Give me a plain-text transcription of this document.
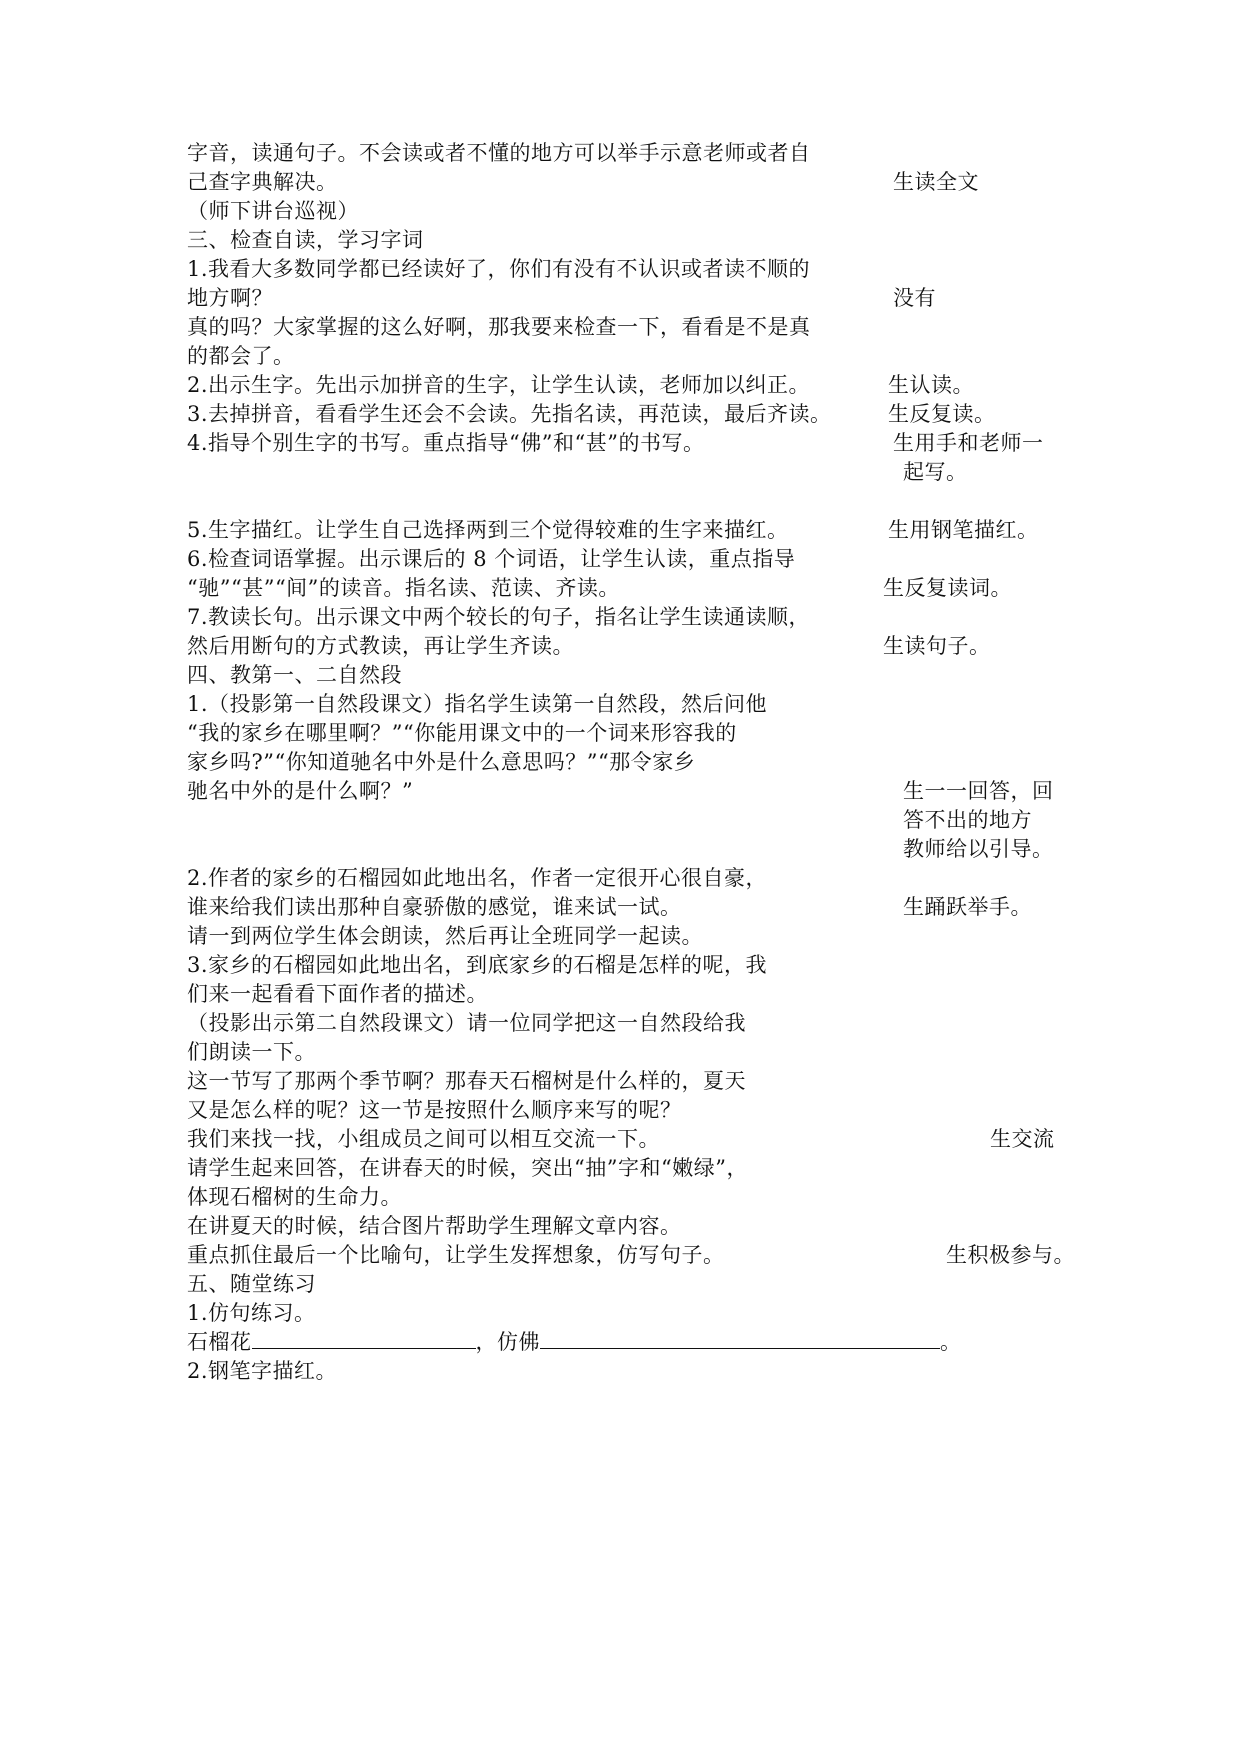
字音，读通句子。不会读或者不懂的地方可以举手示意老师或者自
己查字典解决。
（师下讲台巡视）
三、检查自读，学习字词
1.我看大多数同学都已经读好了，你们有没有不认识或者读不顺的
地方啊？
真的吗？大家掌握的这么好啊，那我要来检查一下，看看是不是真
的都会了。
2.出示生字。先出示加拼音的生字，让学生认读，老师加以纠正。
3.去掉拼音，看看学生还会不会读。先指名读，再范读，最后齐读。
4.指导个别生字的书写。重点指导“佛”和“甚”的书写。
5.生字描红。让学生自己选择两到三个觉得较难的生字来描红。
6.检查词语掌握。出示课后的 8 个词语，让学生认读，重点指导
“驰”“甚”“间”的读音。指名读、范读、齐读。
7.教读长句。出示课文中两个较长的句子，指名让学生读通读顺，
然后用断句的方式教读，再让学生齐读。
四、教第一、二自然段
1.（投影第一自然段课文）指名学生读第一自然段，然后问他
“我的家乡在哪里啊？”“你能用课文中的一个词来形容我的
家乡吗?”“你知道驰名中外是什么意思吗？”“那令家乡
驰名中外的是什么啊？”
2.作者的家乡的石榴园如此地出名，作者一定很开心很自豪，
谁来给我们读出那种自豪骄傲的感觉，谁来试一试。
请一到两位学生体会朗读，然后再让全班同学一起读。
3.家乡的石榴园如此地出名，到底家乡的石榴是怎样的呢，我
们来一起看看下面作者的描述。
（投影出示第二自然段课文）请一位同学把这一自然段给我
们朗读一下。
这一节写了那两个季节啊？那春天石榴树是什么样的，夏天
又是怎么样的呢？这一节是按照什么顺序来写的呢？
我们来找一找，小组成员之间可以相互交流一下。
请学生起来回答，在讲春天的时候，突出“抽”字和“嫩绿”，
体现石榴树的生命力。
在讲夏天的时候，结合图片帮助学生理解文章内容。
重点抓住最后一个比喻句，让学生发挥想象，仿写句子。
五、随堂练习
1.仿句练习。
石榴花	，仿佛	。
2.钢笔字描红。
生读全文
没有
生认读。
生反复读。
生用手和老师一
起写。
生用钢笔描红。
生反复读词。
生读句子。
生一一回答，回
答不出的地方
教师给以引导。
生踊跃举手。
生交流
生积极参与。
